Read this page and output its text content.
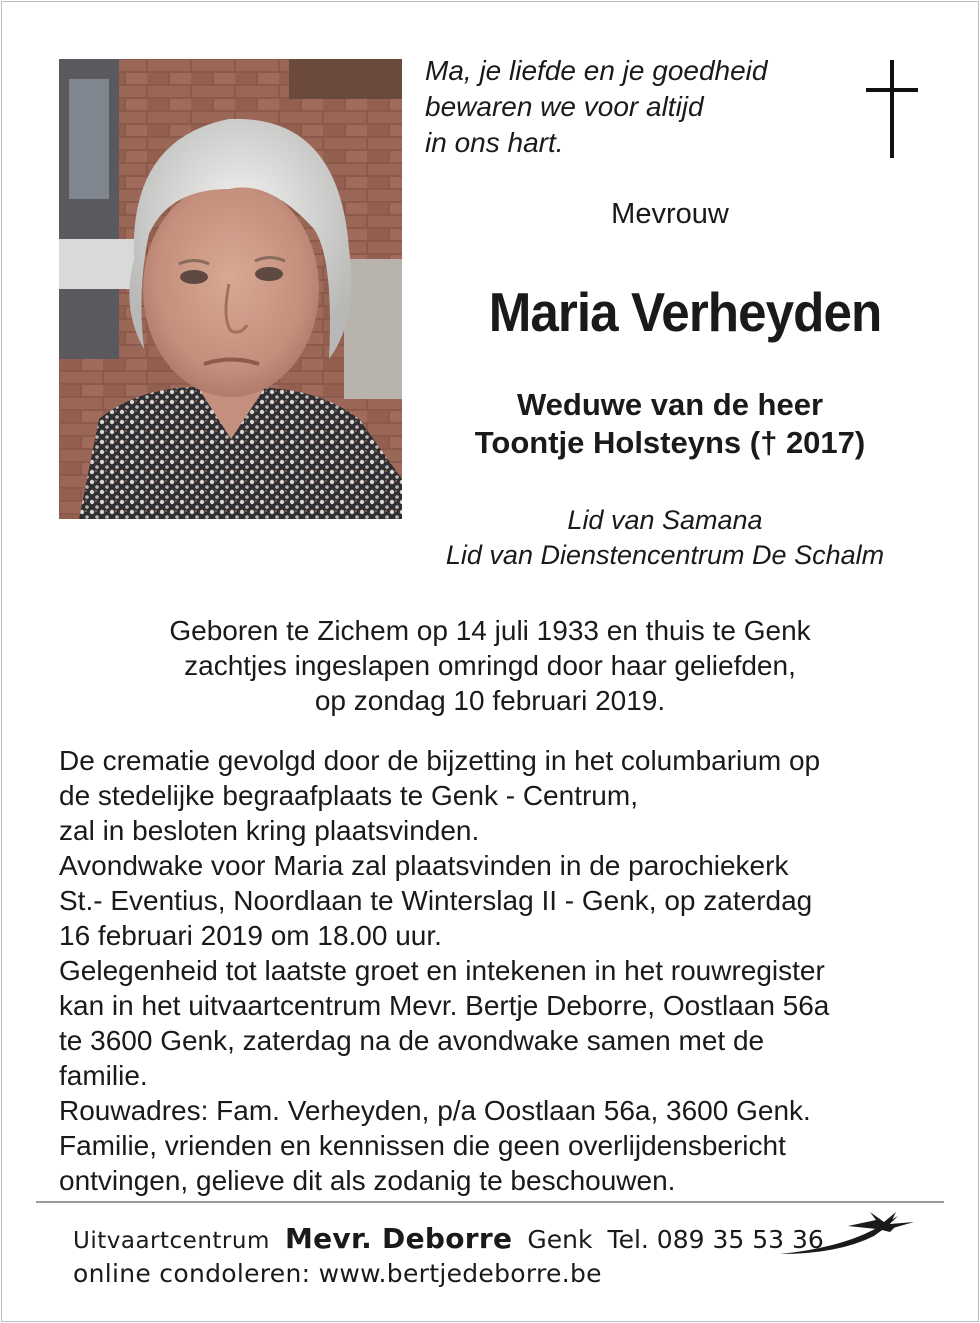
Ma, je liefde en je goedheid
bewaren we voor altijd
in ons hart.
Mevrouw
Maria Verheyden
Weduwe van de heer
Toontje Holsteyns († 2017)
Lid van Samana
Lid van Dienstencentrum De Schalm
Geboren te Zichem op 14 juli 1933 en thuis te Genk
zachtjes ingeslapen omringd door haar geliefden,
op zondag 10 februari 2019.
De crematie gevolgd door de bijzetting in het columbarium op
de stedelijke begraafplaats te Genk - Centrum,
zal in besloten kring plaatsvinden.
Avondwake voor Maria zal plaatsvinden in de parochiekerk
St.- Eventius, Noordlaan te Winterslag II - Genk, op zaterdag
16 februari 2019 om 18.00 uur.
Gelegenheid tot laatste groet en intekenen in het rouwregister
kan in het uitvaartcentrum Mevr. Bertje Deborre, Oostlaan 56a
te 3600 Genk, zaterdag na de avondwake samen met de
familie.
Rouwadres: Fam. Verheyden, p/a Oostlaan 56a, 3600 Genk.
Familie, vrienden en kennissen die geen overlijdensbericht
ontvingen, gelieve dit als zodanig te beschouwen.
Uitvaartcentrum Mevr. Deborre Genk Tel. 089 35 53 36
online condoleren: www.bertjedeborre.be
